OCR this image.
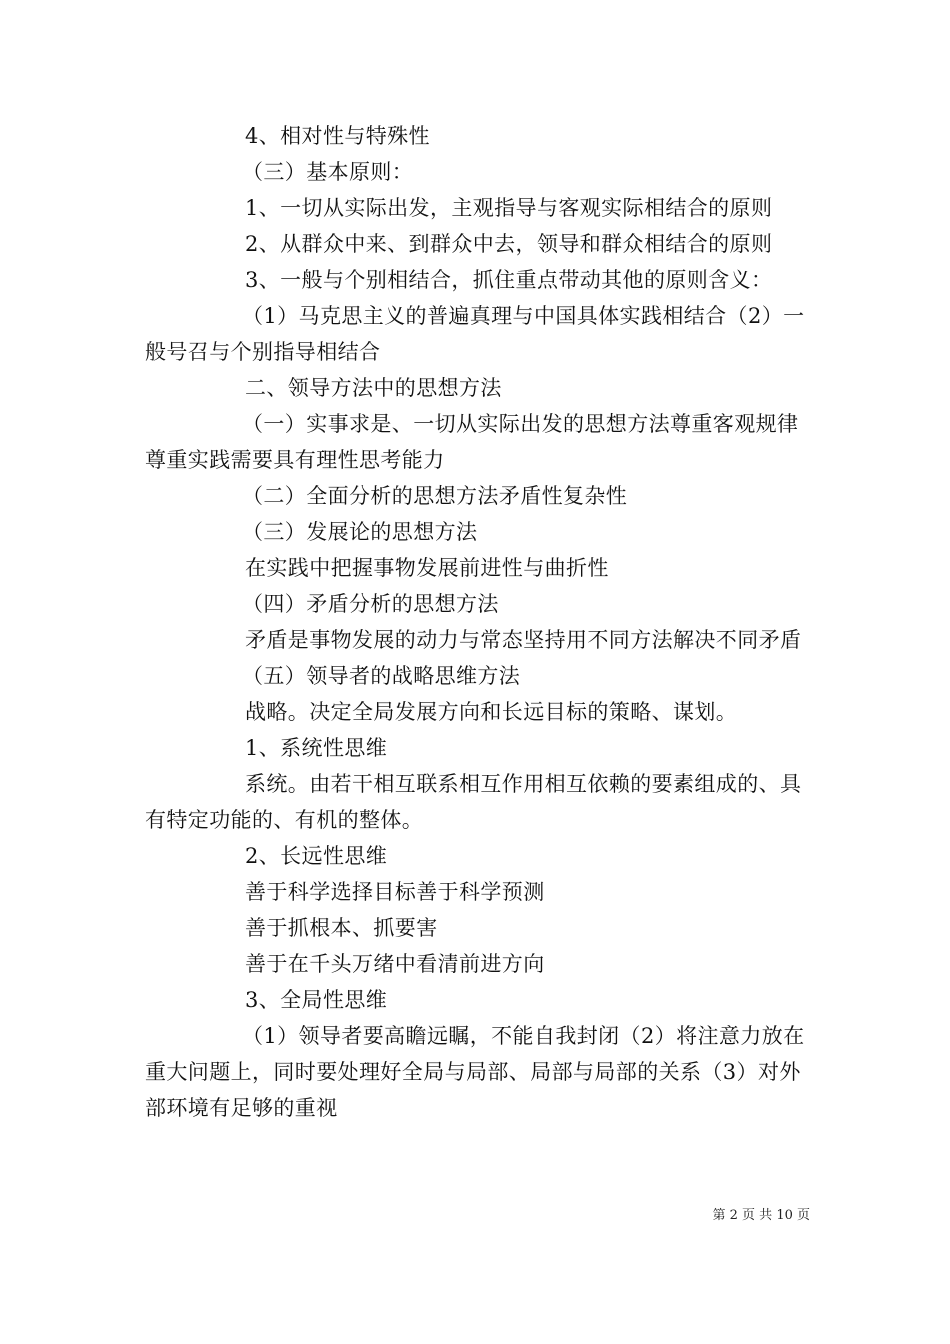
4、相对性与特殊性

（三）基本原则：

1、一切从实际出发，主观指导与客观实际相结合的原则

2、从群众中来、到群众中去，领导和群众相结合的原则

3、一般与个别相结合，抓住重点带动其他的原则含义：

（1）马克思主义的普遍真理与中国具体实践相结合（2）一般号召与个别指导相结合

二、领导方法中的思想方法

（一）实事求是、一切从实际出发的思想方法尊重客观规律尊重实践需要具有理性思考能力

（二）全面分析的思想方法矛盾性复杂性

（三）发展论的思想方法

在实践中把握事物发展前进性与曲折性

（四）矛盾分析的思想方法

矛盾是事物发展的动力与常态坚持用不同方法解决不同矛盾

（五）领导者的战略思维方法

战略。决定全局发展方向和长远目标的策略、谋划。

1、系统性思维

系统。由若干相互联系相互作用相互依赖的要素组成的、具有特定功能的、有机的整体。

2、长远性思维

善于科学选择目标善于科学预测

善于抓根本、抓要害

善于在千头万绪中看清前进方向

3、全局性思维

（1）领导者要高瞻远瞩，不能自我封闭（2）将注意力放在重大问题上，同时要处理好全局与局部、局部与局部的关系（3）对外部环境有足够的重视

第 2 页 共 10 页
